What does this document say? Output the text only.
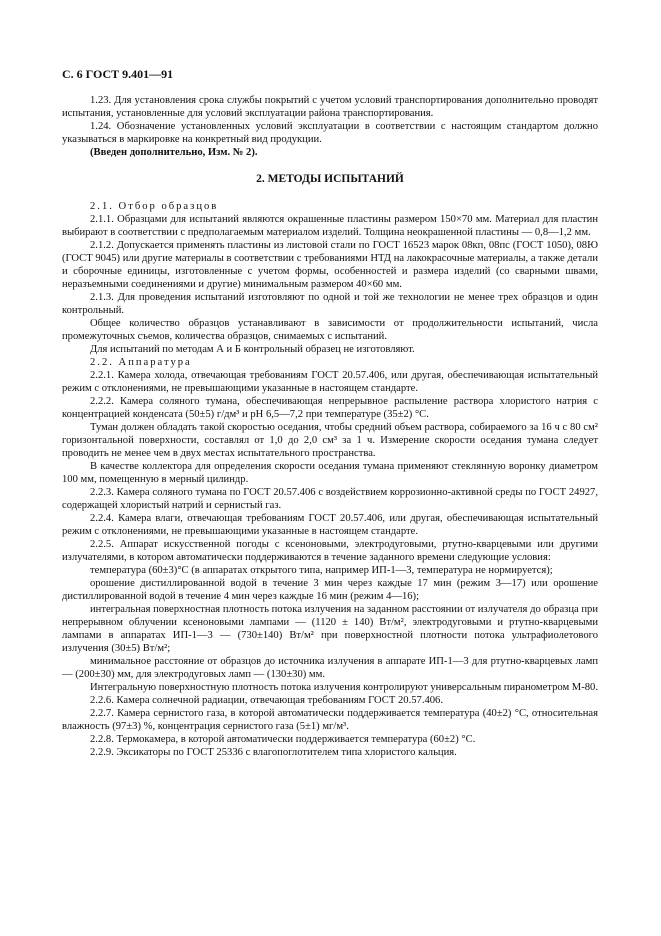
С. 6 ГОСТ 9.401—91

1.23. Для установления срока службы покрытий с учетом условий транспортирования дополнительно проводят испытания, установленные для условий эксплуатации района транспортирования.

1.24. Обозначение установленных условий эксплуатации в соответствии с настоящим стандартом должно указываться в маркировке на конкретный вид продукции.

(Введен дополнительно, Изм. № 2).

2. МЕТОДЫ ИСПЫТАНИЙ

2.1. Отбор образцов

2.1.1. Образцами для испытаний являются окрашенные пластины размером 150×70 мм. Материал для пластин выбирают в соответствии с предполагаемым материалом изделий. Толщина неокрашенной пластины — 0,8—1,2 мм.

2.1.2. Допускается применять пластины из листовой стали по ГОСТ 16523 марок 08кп, 08пс (ГОСТ 1050), 08Ю (ГОСТ 9045) или другие материалы в соответствии с требованиями НТД на лакокрасочные материалы, а также детали и сборочные единицы, изготовленные с учетом формы, особенностей и размера изделий (со сварными швами, неразъемными соединениями и другие) минимальным размером 40×60 мм.

2.1.3. Для проведения испытаний изготовляют по одной и той же технологии не менее трех образцов и один контрольный.

Общее количество образцов устанавливают в зависимости от продолжительности испытаний, числа промежуточных съемов, количества образцов, снимаемых с испытаний.

Для испытаний по методам А и Б контрольный образец не изготовляют.

2.2. Аппаратура

2.2.1. Камера холода, отвечающая требованиям ГОСТ 20.57.406, или другая, обеспечивающая испытательный режим с отклонениями, не превышающими указанные в настоящем стандарте.

2.2.2. Камера соляного тумана, обеспечивающая непрерывное распыление раствора хлористого натрия с концентрацией конденсата (50±5) г/дм³ и рН 6,5—7,2 при температуре (35±2) °С.

Туман должен обладать такой скоростью оседания, чтобы средний объем раствора, собираемого за 16 ч с 80 см² горизонтальной поверхности, составлял от 1,0 до 2,0 см³ за 1 ч. Измерение скорости оседания тумана следует проводить не менее чем в двух местах испытательного пространства.

В качестве коллектора для определения скорости оседания тумана применяют стеклянную воронку диаметром 100 мм, помещенную в мерный цилиндр.

2.2.3. Камера соляного тумана по ГОСТ 20.57.406 с воздействием коррозионно-активной среды по ГОСТ 24927, содержащей хлористый натрий и сернистый газ.

2.2.4. Камера влаги, отвечающая требованиям ГОСТ 20.57.406, или другая, обеспечивающая испытательный режим с отклонениями, не превышающими указанные в настоящем стандарте.

2.2.5. Аппарат искусственной погоды с ксеноновыми, электродуговыми, ртутно-кварцевыми или другими излучателями, в котором автоматически поддерживаются в течение заданного времени следующие условия:

температура (60±3)°С (в аппаратах открытого типа, например ИП-1—3, температура не нормируется);

орошение дистиллированной водой в течение 3 мин через каждые 17 мин (режим 3—17) или орошение дистиллированной водой в течение 4 мин через каждые 16 мин (режим 4—16);

интегральная поверхностная плотность потока излучения на заданном расстоянии от излучателя до образца при непрерывном облучении ксеноновыми лампами — (1120 ± 140) Вт/м², электродуговыми и ртутно-кварцевыми лампами в аппаратах ИП-1—3 — (730±140) Вт/м² при поверхностной плотности потока ультрафиолетового излучения (30±5) Вт/м²;

минимальное расстояние от образцов до источника излучения в аппарате ИП-1—3 для ртутно-кварцевых ламп — (200±30) мм, для электродуговых ламп — (130±30) мм.

Интегральную поверхностную плотность потока излучения контролируют универсальным пиранометром М-80.

2.2.6. Камера солнечной радиации, отвечающая требованиям ГОСТ 20.57.406.

2.2.7. Камера сернистого газа, в которой автоматически поддерживается температура (40±2) °С, относительная влажность (97±3) %, концентрация сернистого газа (5±1) мг/м³.

2.2.8. Термокамера, в которой автоматически поддерживается температура (60±2) °С.

2.2.9. Эксикаторы по ГОСТ 25336 с влагопоглотителем типа хлористого кальция.
